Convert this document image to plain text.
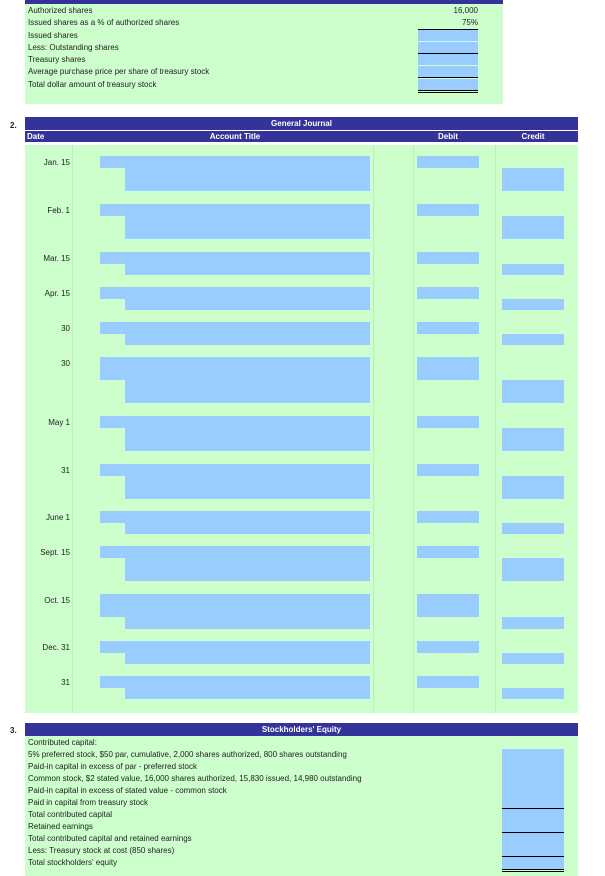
Authorized shares	16,000
Issued shares as a % of authorized shares	75%
Issued shares
Less: Outstanding shares
Treasury shares
Average purchase price per share of treasury stock
Total dollar amount of treasury stock
2.	General Journal
Date	Account Title	Debit	Credit
Jan. 15
Feb. 1
Mar. 15
Apr. 15
30
30
May 1
31
June 1
Sept. 15
Oct. 15
Dec. 31
31
3.	Stockholders' Equity
Contributed capital:
5% preferred stock, $50 par, cumulative, 2,000 shares authorized, 800 shares outstanding
Paid-in capital in excess of par - preferred stock
Common stock, $2 stated value, 16,000 shares authorized, 15,830 issued, 14,980 outstanding
Paid-in capital in excess of stated value - common stock
Paid in capital from treasury stock
Total contributed capital
Retained earnings
Total contributed capital and retained earnings
Less: Treasury stock at cost (850 shares)
Total stockholders' equity
